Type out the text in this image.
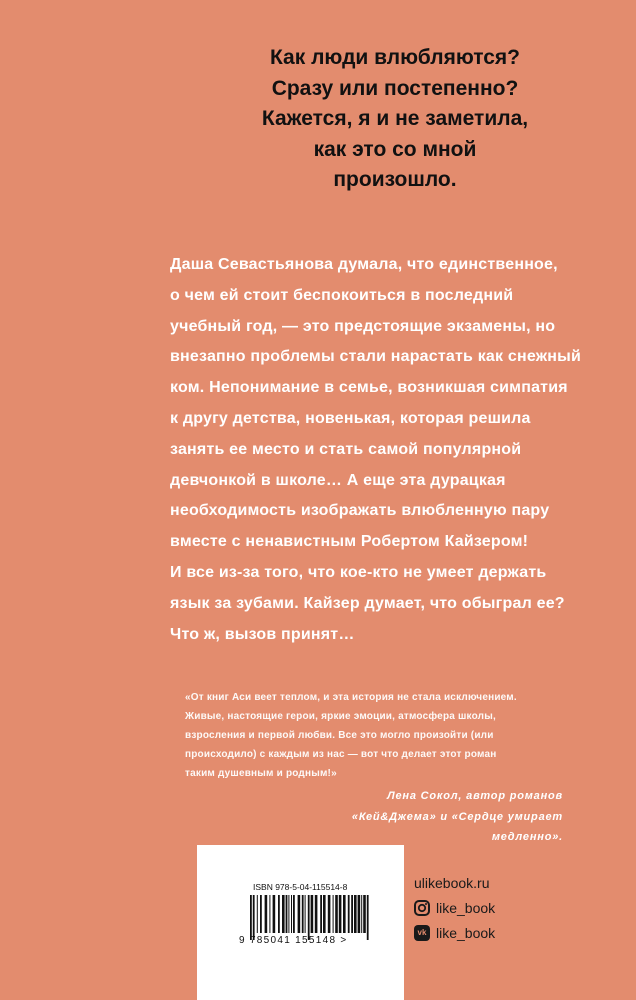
Как люди влюбляются?
Сразу или постепенно?
Кажется, я и не заметила,
как это со мной
произошло.
Даша Севастьянова думала, что единственное,
о чем ей стоит беспокоиться в последний
учебный год, — это предстоящие экзамены, но
внезапно проблемы стали нарастать как снежный
ком. Непонимание в семье, возникшая симпатия
к другу детства, новенькая, которая решила
занять ее место и стать самой популярной
девчонкой в школе… А еще эта дурацкая
необходимость изображать влюбленную пару
вместе с ненавистным Робертом Кайзером!
И все из-за того, что кое-кто не умеет держать
язык за зубами. Кайзер думает, что обыграл ее?
Что ж, вызов принят…
«От книг Аси веет теплом, и эта история не стала исключением.
Живые, настоящие герои, яркие эмоции, атмосфера школы,
взросления и первой любви. Все это могло произойти (или
происходило) с каждым из нас — вот что делает этот роман
таким душевным и родным!»
Лена Сокол, автор романов
«Кей&Джема» и «Сердце умирает
медленно».
ISBN 978-5-04-115514-8
9 785041 155148 >
ulikebook.ru
like_book
vk like_book
